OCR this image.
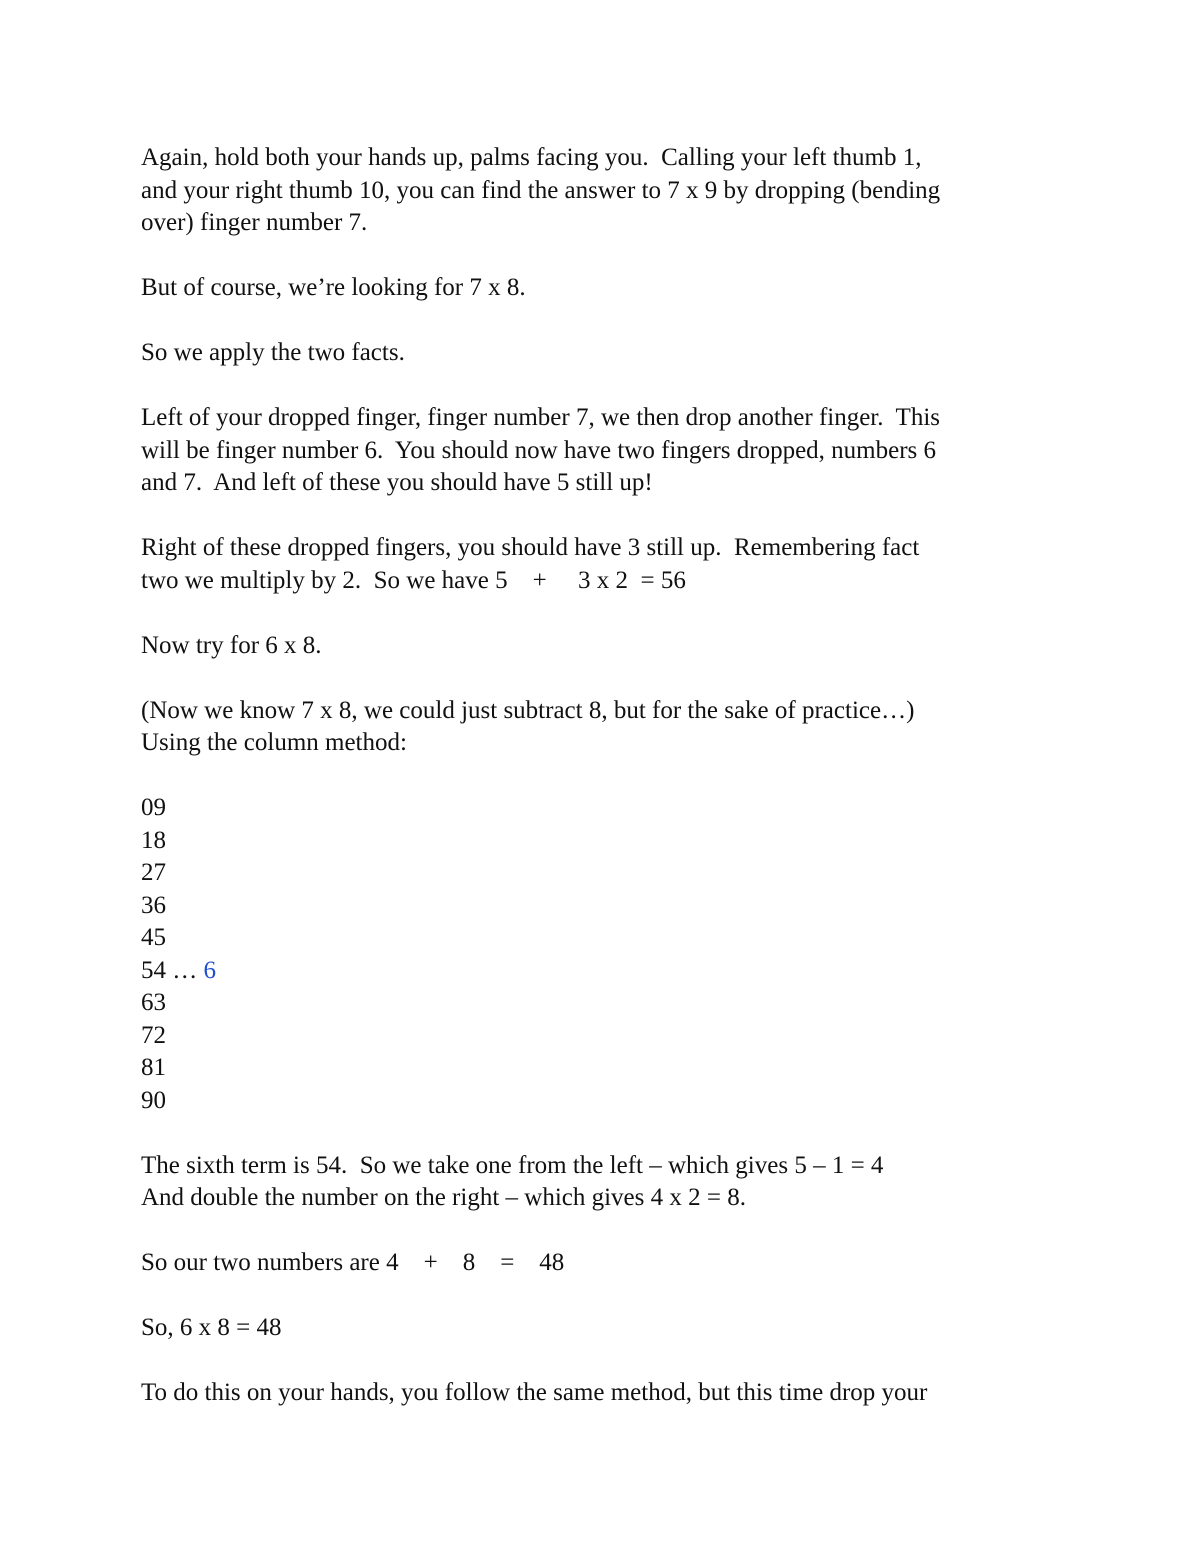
Again, hold both your hands up, palms facing you.  Calling your left thumb 1,
and your right thumb 10, you can find the answer to 7 x 9 by dropping (bending
over) finger number 7.
But of course, we’re looking for 7 x 8.
So we apply the two facts.
Left of your dropped finger, finger number 7, we then drop another finger.  This
will be finger number 6.  You should now have two fingers dropped, numbers 6
and 7.  And left of these you should have 5 still up!
Right of these dropped fingers, you should have 3 still up.  Remembering fact
two we multiply by 2.  So we have 5    +     3 x 2  = 56
Now try for 6 x 8.
(Now we know 7 x 8, we could just subtract 8, but for the sake of practice…)
Using the column method:
09
18
27
36
45
54 … 6
63
72
81
90
The sixth term is 54.  So we take one from the left – which gives 5 – 1 = 4
And double the number on the right – which gives 4 x 2 = 8.
So our two numbers are 4    +    8    =    48
So, 6 x 8 = 48
To do this on your hands, you follow the same method, but this time drop your
